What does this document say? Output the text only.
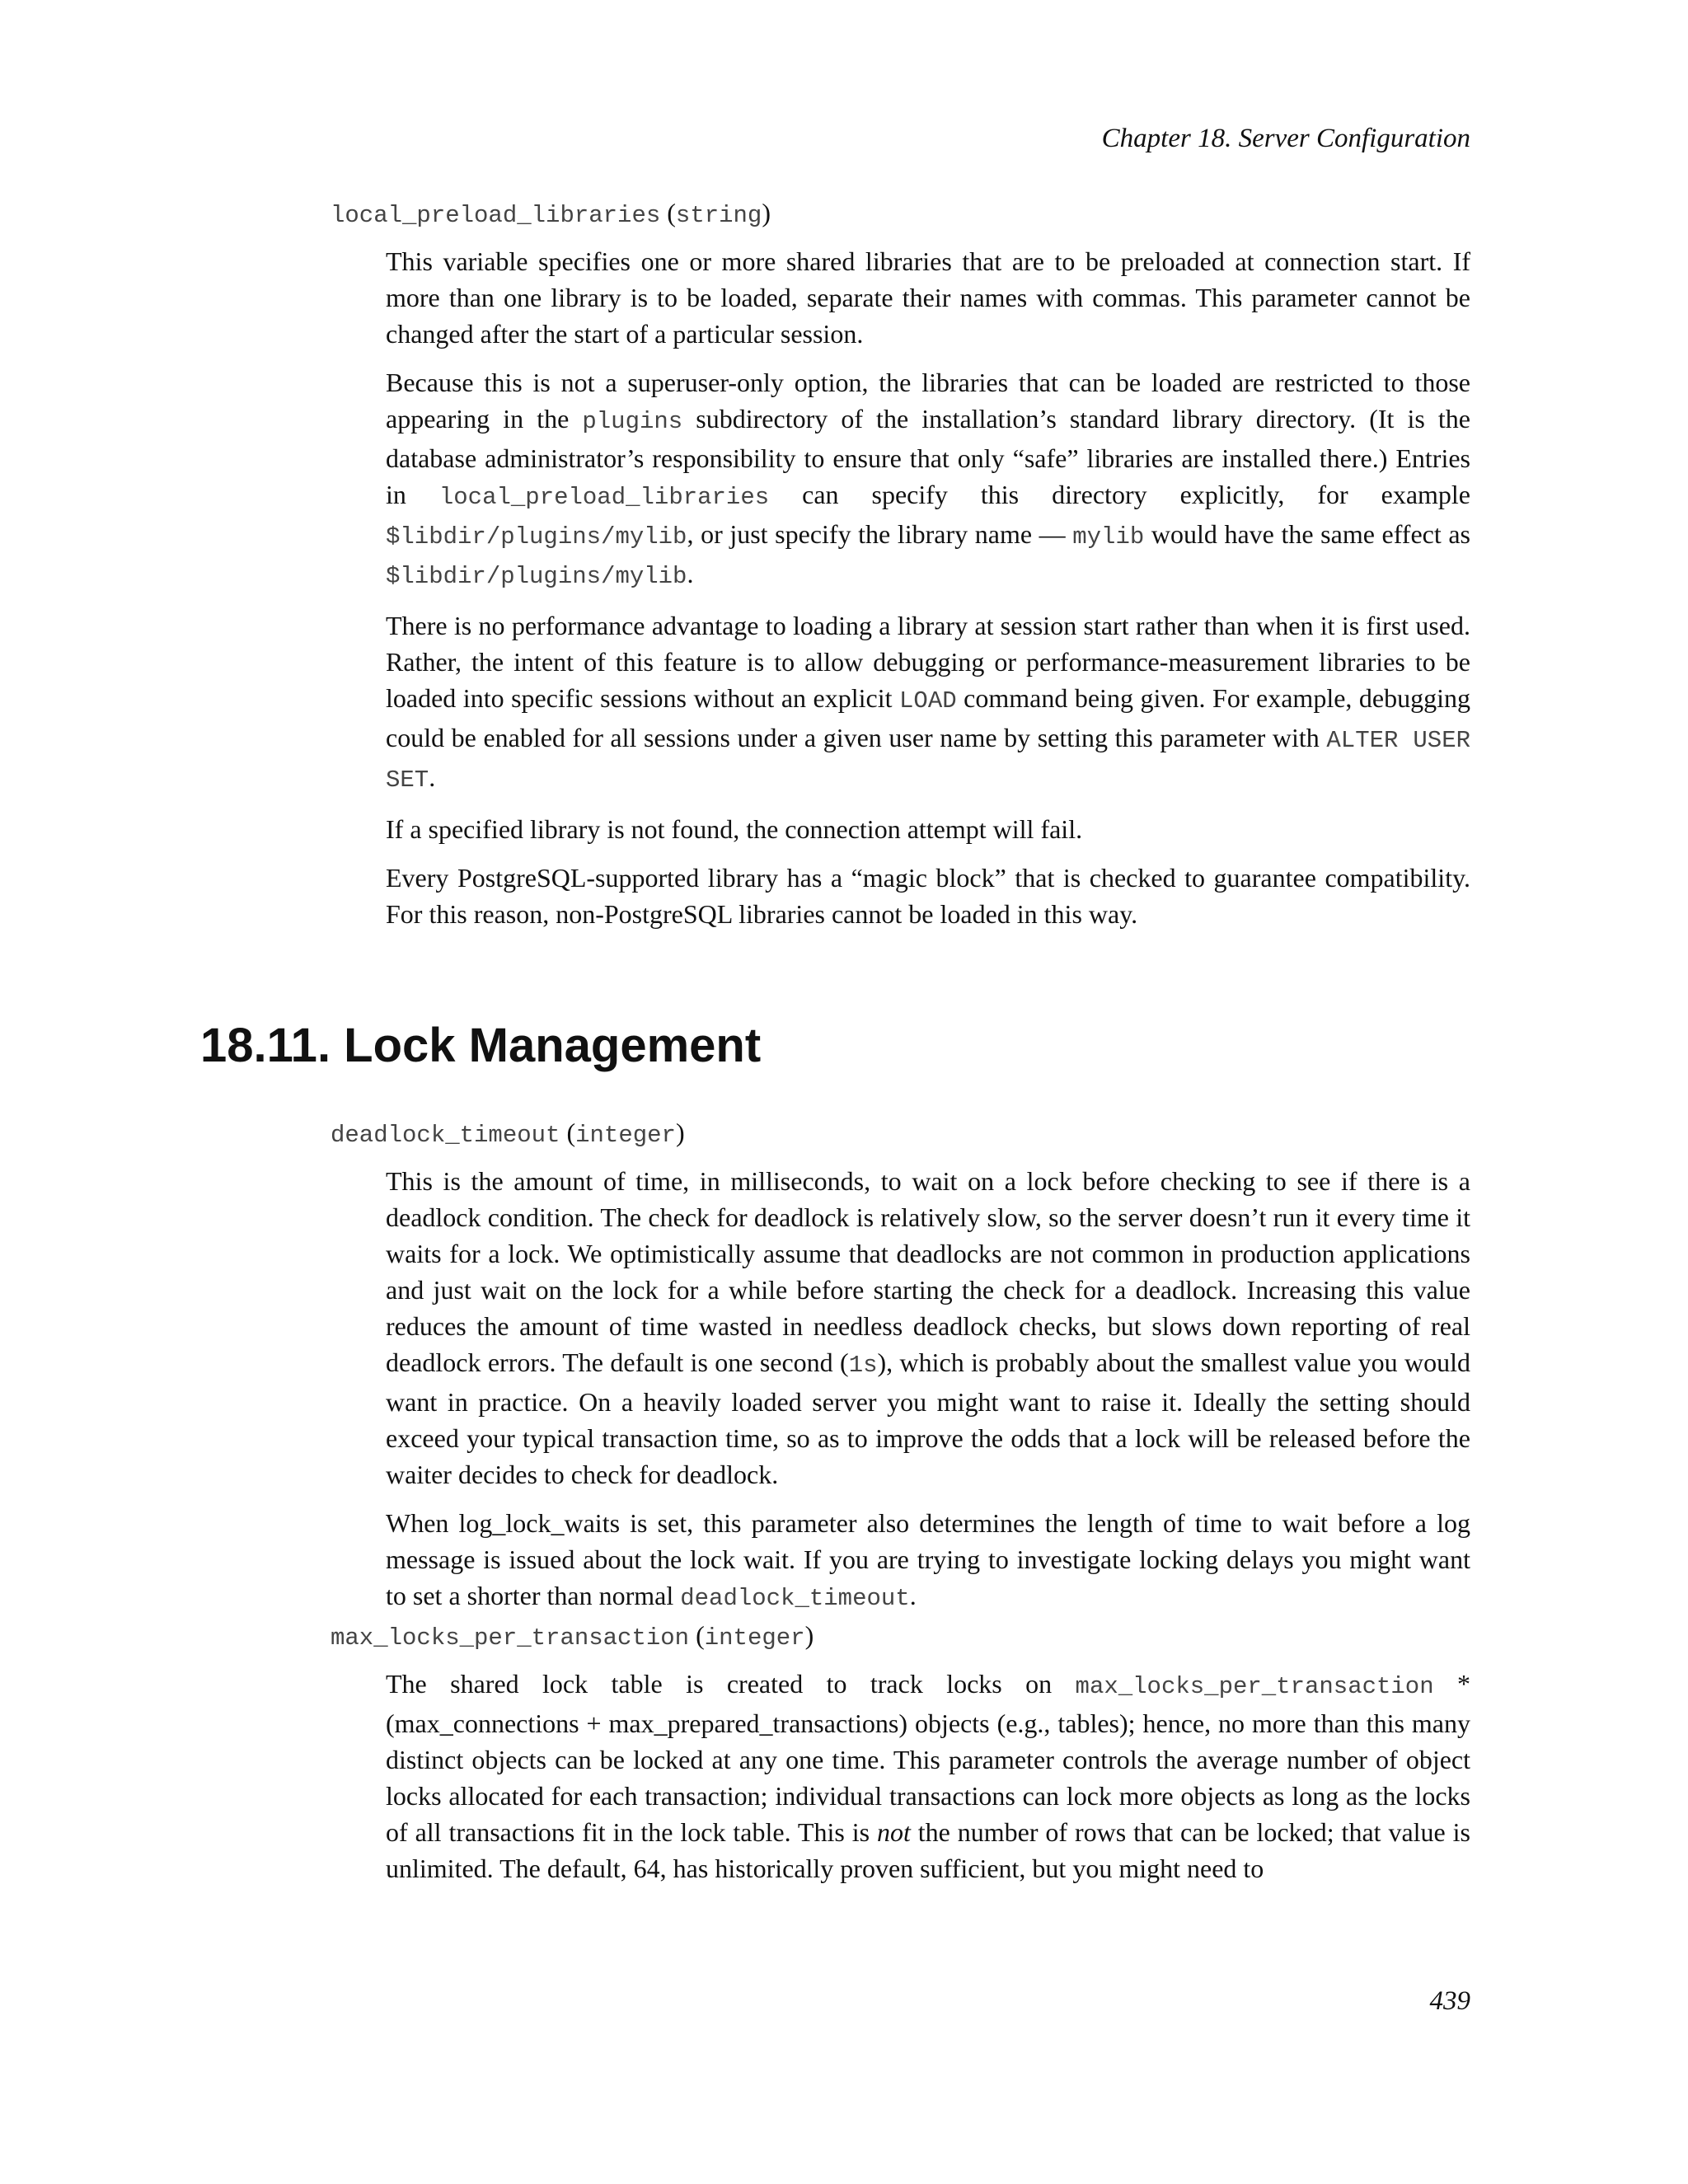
Chapter 18. Server Configuration
local_preload_libraries (string)

This variable specifies one or more shared libraries that are to be preloaded at connection start. If more than one library is to be loaded, separate their names with commas. This parameter cannot be changed after the start of a particular session.

Because this is not a superuser-only option, the libraries that can be loaded are restricted to those appearing in the plugins subdirectory of the installation’s standard library directory. (It is the database administrator’s responsibility to ensure that only “safe” libraries are installed there.) Entries in local_preload_libraries can specify this directory explicitly, for example $libdir/plugins/mylib, or just specify the library name — mylib would have the same effect as $libdir/plugins/mylib.

There is no performance advantage to loading a library at session start rather than when it is first used. Rather, the intent of this feature is to allow debugging or performance-measurement libraries to be loaded into specific sessions without an explicit LOAD command being given. For example, debugging could be enabled for all sessions under a given user name by setting this parameter with ALTER USER SET.

If a specified library is not found, the connection attempt will fail.

Every PostgreSQL-supported library has a “magic block” that is checked to guarantee compatibility. For this reason, non-PostgreSQL libraries cannot be loaded in this way.

18.11. Lock Management
deadlock_timeout (integer)

This is the amount of time, in milliseconds, to wait on a lock before checking to see if there is a deadlock condition. The check for deadlock is relatively slow, so the server doesn’t run it every time it waits for a lock. We optimistically assume that deadlocks are not common in production applications and just wait on the lock for a while before starting the check for a deadlock. Increasing this value reduces the amount of time wasted in needless deadlock checks, but slows down reporting of real deadlock errors. The default is one second (1s), which is probably about the smallest value you would want in practice. On a heavily loaded server you might want to raise it. Ideally the setting should exceed your typical transaction time, so as to improve the odds that a lock will be released before the waiter decides to check for deadlock.

When log_lock_waits is set, this parameter also determines the length of time to wait before a log message is issued about the lock wait. If you are trying to investigate locking delays you might want to set a shorter than normal deadlock_timeout.

max_locks_per_transaction (integer)

The shared lock table is created to track locks on max_locks_per_transaction * (max_connections + max_prepared_transactions) objects (e.g., tables); hence, no more than this many distinct objects can be locked at any one time. This parameter controls the average number of object locks allocated for each transaction; individual transactions can lock more objects as long as the locks of all transactions fit in the lock table. This is not the number of rows that can be locked; that value is unlimited. The default, 64, has historically proven sufficient, but you might need to

439
